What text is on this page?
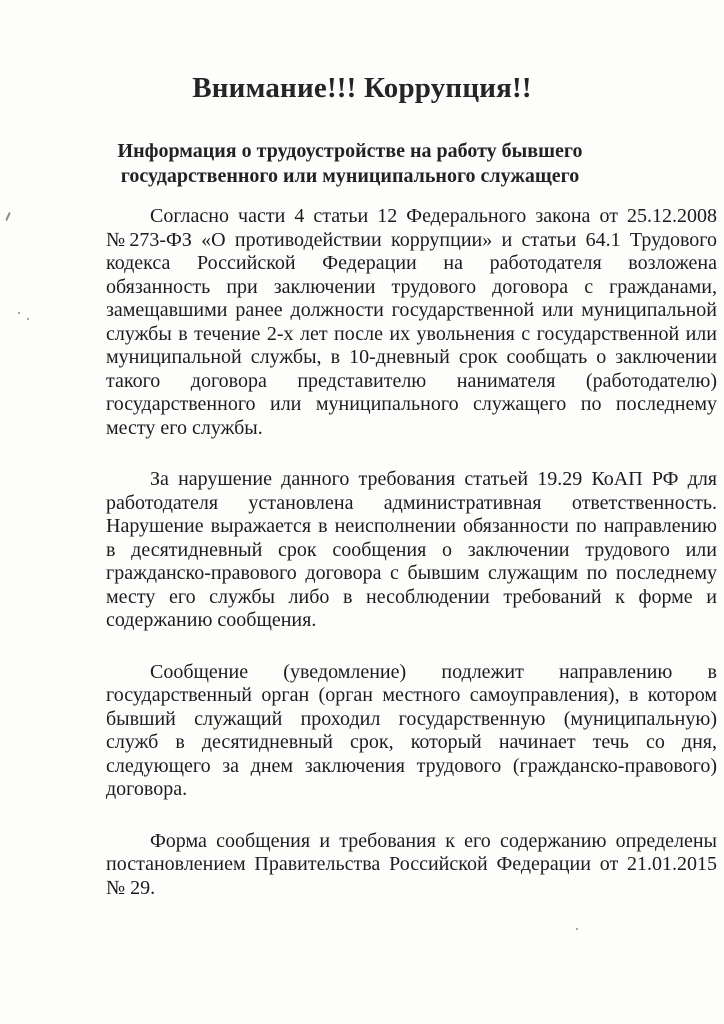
Внимание!!! Коррупция!!
Информация о трудоустройстве на работу бывшего государственного или муниципального служащего

Согласно части 4 статьи 12 Федерального закона от 25.12.2008 №273-ФЗ «О противодействии коррупции» и статьи 64.1 Трудового кодекса Российской Федерации на работодателя возложена обязанность при заключении трудового договора с гражданами, замещавшими ранее должности государственной или муниципальной службы в течение 2-х лет после их увольнения с государственной или муниципальной службы, в 10-дневный срок сообщать о заключении такого договора представителю нанимателя (работодателю) государственного или муниципального служащего по последнему месту его службы.

За нарушение данного требования статьей 19.29 КоАП РФ для работодателя установлена административная ответственность. Нарушение выражается в неисполнении обязанности по направлению в десятидневный срок сообщения о заключении трудового или гражданско-правового договора с бывшим служащим по последнему месту его службы либо в несоблюдении требований к форме и содержанию сообщения.

Сообщение (уведомление) подлежит направлению в государственный орган (орган местного самоуправления), в котором бывший служащий проходил государственную (муниципальную) служб в десятидневный срок, который начинает течь со дня, следующего за днем заключения трудового (гражданско-правового) договора.

Форма сообщения и требования к его содержанию определены постановлением Правительства Российской Федерации от 21.01.2015 № 29.
